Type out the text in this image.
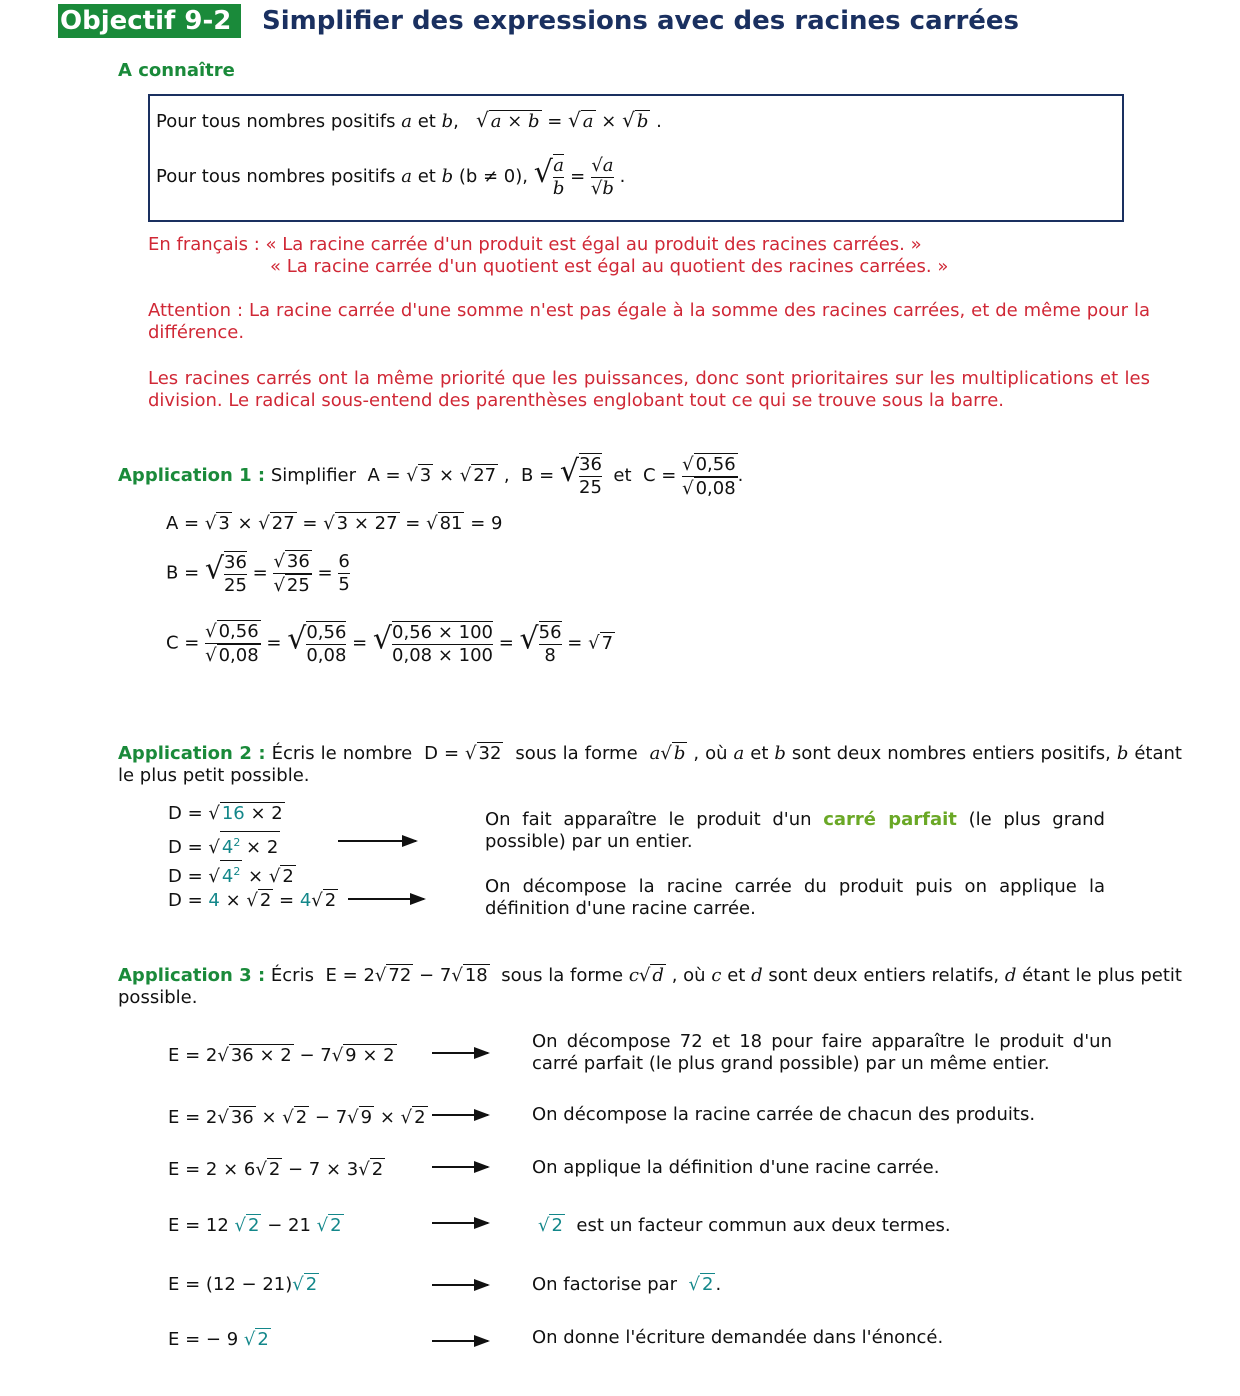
Objectif 9-2	Simplifier des expressions avec des racines carrées
A connaître
Pour tous nombres positifs a et b,   √ a × b = √ a × √ b .
Pour tous nombres positifs a et b (b ≠ 0), √ $\frac{a}{b} = \frac{√a}{√b}$ .
En français : « La racine carrée d'un produit est égal au produit des racines carrées. »
« La racine carrée d'un quotient est égal au quotient des racines carrées. »
Attention : La racine carrée d'une somme n'est pas égale à la somme des racines carrées, et de même pour la différence.
Les racines carrés ont la même priorité que les puissances, donc sont prioritaires sur les multiplications et les division. Le radical sous-entend des parenthèses englobant tout ce qui se trouve sous la barre.
Application 1 : Simplifier  A = √ 3 × √ 27 ,  B = √ $\frac{36}{25}$ et  $C = \frac{√ 0,56}{√ 0,08}$ .
A = √ 3 × √ 27 = √ 3 × 27 = √ 81 = 9
B = √ $\frac{36}{25} = \frac{√ 36}{√ 25} = \frac{6}{5}$
$C = \frac{√ 0,56}{√ 0,08}$ = √ $\frac{0,56}{0,08}$ = √ $\frac{0,56 \times 100}{0,08 \times 100}$ = √ $\frac{56}{8}$ = √ 7
Application 2 : Écris le nombre  D = √ 32 sous la forme a√ b , où a et b sont deux nombres entiers positifs, b étant le plus petit possible.
D = √ 16 × 2
D = √ $4^2 \times 2$
D = √ $4^2$ × √ 2
D = 4 × √ 2 = 4√ 2
On fait apparaître le produit d'un carré parfait (le plus grand possible) par un entier.
On décompose la racine carrée du produit puis on applique la définition d'une racine carrée.
Application 3 : Écris  E = 2√ 72 − 7√ 18 sous la forme c√ d , où c et d sont deux entiers relatifs, d étant le plus petit possible.
E = 2√ 36 × 2 − 7√ 9 × 2
E = 2√ 36 × √ 2 − 7√ 9 × √ 2
E = 2 × 6√ 2 − 7 × 3√ 2
E = 12 √ 2 − 21 √ 2
E = (12 − 21)√ 2
E = − 9 √ 2
On décompose 72 et 18 pour faire apparaître le produit d'un carré parfait (le plus grand possible) par un même entier.
On décompose la racine carrée de chacun des produits.
On applique la définition d'une racine carrée.
√ 2 est un facteur commun aux deux termes.
On factorise par √ 2 .
On donne l'écriture demandée dans l'énoncé.
